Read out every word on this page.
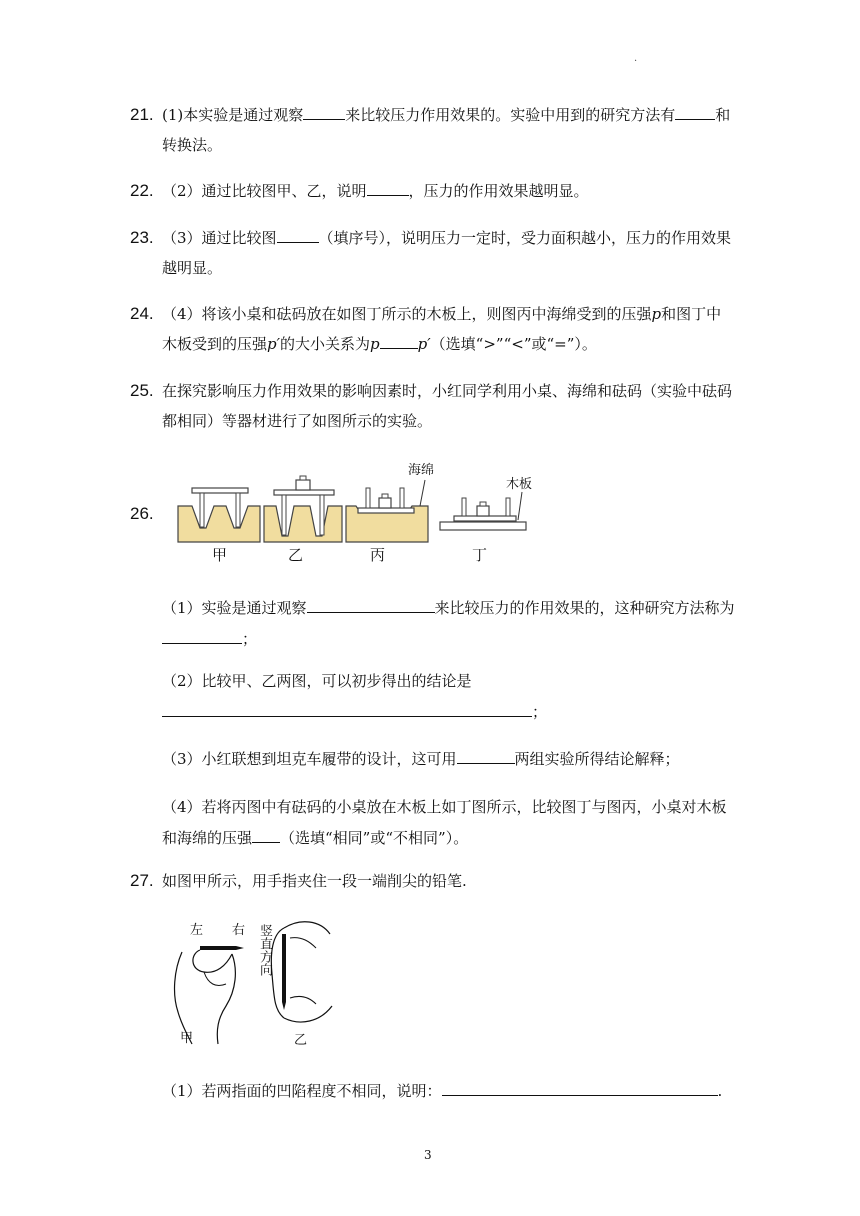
·
21. (1)本实验是通过观察	来比较压力作用效果的。实验中用到的研究方法有	和转换法。
22. （2）通过比较图甲、乙，说明	，压力的作用效果越明显。
23. （3）通过比较图	（填序号），说明压力一定时，受力面积越小，压力的作用效果越明显。
24. （4）将该小桌和砝码放在如图丁所示的木板上，则图丙中海绵受到的压强p和图丁中木板受到的压强p′的大小关系为p	p′（选填“>”“<”或“=”）。
25. 在探究影响压力作用效果的影响因素时，小红同学利用小桌、海绵和砝码（实验中砝码都相同）等器材进行了如图所示的实验。
26.
海绵
木板
甲	乙	丙	丁
（1）实验是通过观察	来比较压力的作用效果的，这种研究方法称为；
（2）比较甲、乙两图，可以初步得出的结论是；
（3）小红联想到坦克车履带的设计，这可用	两组实验所得结论解释；
（4）若将丙图中有砝码的小桌放在木板上如丁图所示，比较图丁与图丙，小桌对木板和海绵的压强 （选填“相同”或“不相同”）。
27. 如图甲所示，用手指夹住一段一端削尖的铅笔.
左 右
甲	乙
竖直方向
（1）若两指面的凹陷程度不相同，说明：	.
3
